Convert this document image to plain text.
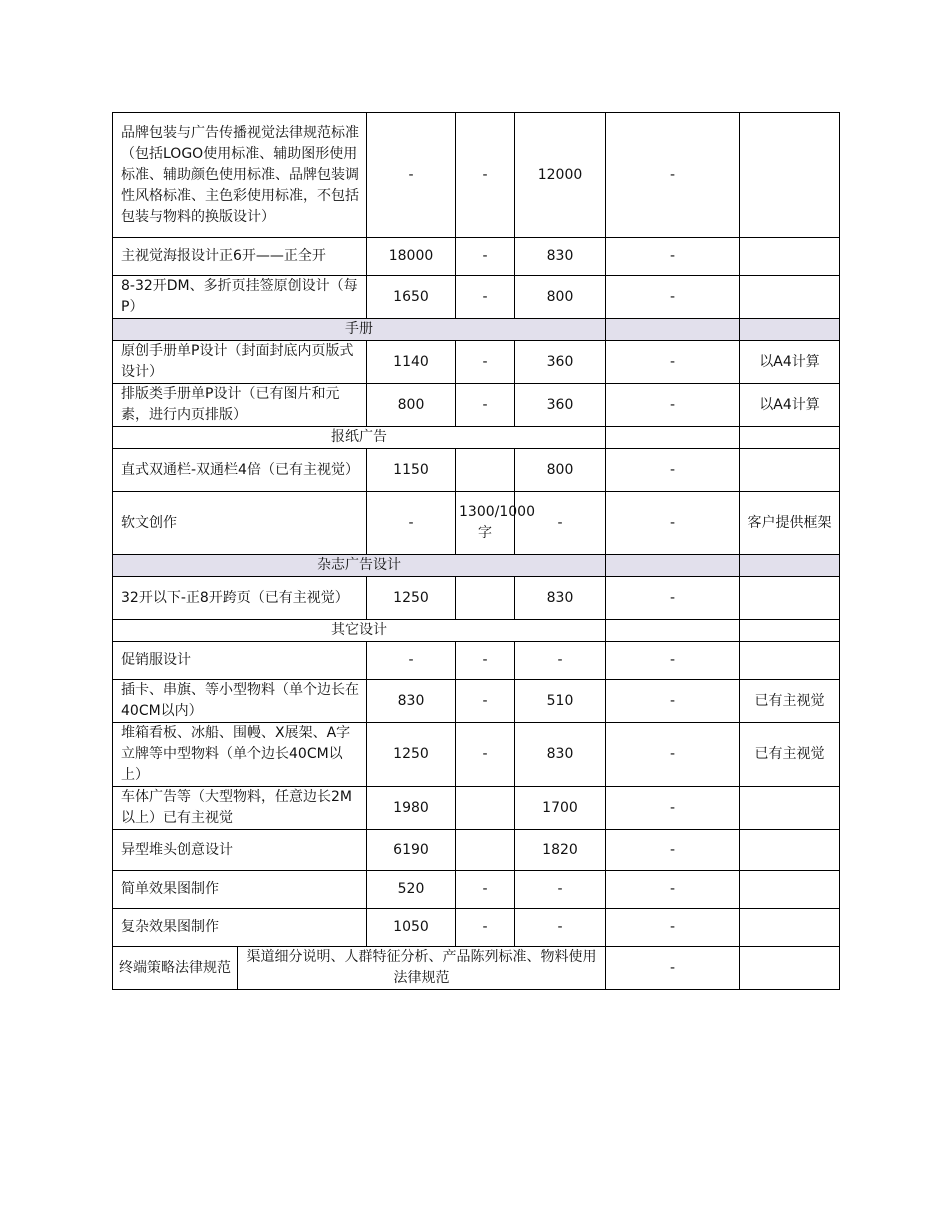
品牌包装与广告传播视觉法律规范标准（包括LOGO使用标准、辅助图形使用标准、辅助颜色使用标准、品牌包装调性风格标准、主色彩使用标准，不包括包装与物料的换版设计）		-	-	12000	-	
主视觉海报设计正6开——正全开		18000	-	830	-	
8-32开DM、多折页挂签原创设计（每P）		1650	-	800	-	
手册						
原创手册单P设计（封面封底内页版式设计）		1140	-	360	-	以A4计算
排版类手册单P设计（已有图片和元素，进行内页排版）		800	-	360	-	以A4计算
报纸广告						
直式双通栏-双通栏4倍（已有主视觉）		1150		800	-	
软文创作		-	1300/1000字	-	-	客户提供框架
杂志广告设计						
32开以下-正8开跨页（已有主视觉）		1250		830	-	
其它设计						
促销服设计		-	-	-	-	
插卡、串旗、等小型物料（单个边长在40CM以内）		830	-	510	-	已有主视觉
堆箱看板、冰船、围幔、X展架、A字立牌等中型物料（单个边长40CM以上）		1250	-	830	-	已有主视觉
车体广告等（大型物料，任意边长2M以上）已有主视觉		1980		1700	-	
异型堆头创意设计		6190		1820	-	
简单效果图制作		520	-	-	-	
复杂效果图制作		1050	-	-	-	
终端策略法律规范	渠道细分说明、人群特征分析、产品陈列标准、物料使用法律规范				-	
